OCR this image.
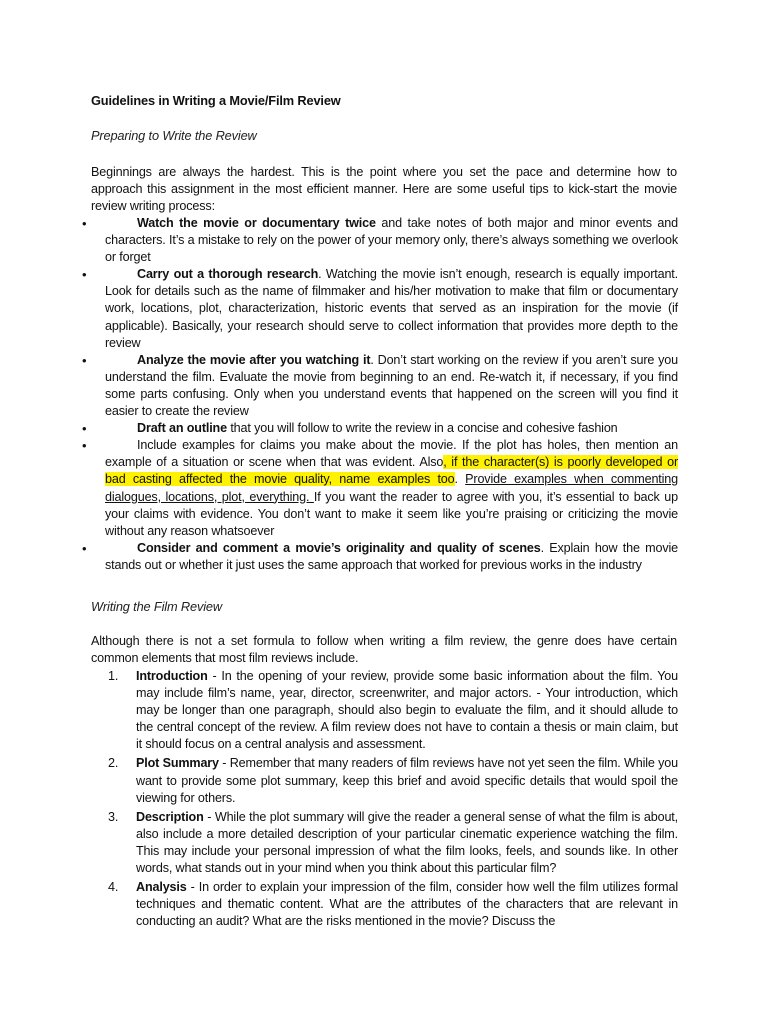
Guidelines in Writing a Movie/Film Review

Preparing to Write the Review

Beginnings are always the hardest. This is the point where you set the pace and determine how to approach this assignment in the most efficient manner. Here are some useful tips to kick-start the movie review writing process:

•	Watch the movie or documentary twice and take notes of both major and minor events and characters. It’s a mistake to rely on the power of your memory only, there’s always something we overlook or forget
•	Carry out a thorough research. Watching the movie isn’t enough, research is equally important. Look for details such as the name of filmmaker and his/her motivation to make that film or documentary work, locations, plot, characterization, historic events that served as an inspiration for the movie (if applicable). Basically, your research should serve to collect information that provides more depth to the review
•	Analyze the movie after you watching it. Don’t start working on the review if you aren’t sure you understand the film. Evaluate the movie from beginning to an end. Re-watch it, if necessary, if you find some parts confusing. Only when you understand events that happened on the screen will you find it easier to create the review
•	Draft an outline that you will follow to write the review in a concise and cohesive fashion
•	Include examples for claims you make about the movie. If the plot has holes, then mention an example of a situation or scene when that was evident. Also, if the character(s) is poorly developed or bad casting affected the movie quality, name examples too. Provide examples when commenting dialogues, locations, plot, everything. If you want the reader to agree with you, it’s essential to back up your claims with evidence. You don’t want to make it seem like you’re praising or criticizing the movie without any reason whatsoever
•	Consider and comment a movie’s originality and quality of scenes. Explain how the movie stands out or whether it just uses the same approach that worked for previous works in the industry

Writing the Film Review

Although there is not a set formula to follow when writing a film review, the genre does have certain common elements that most film reviews include.

1. Introduction - In the opening of your review, provide some basic information about the film. You may include film’s name, year, director, screenwriter, and major actors. - Your introduction, which may be longer than one paragraph, should also begin to evaluate the film, and it should allude to the central concept of the review. A film review does not have to contain a thesis or main claim, but it should focus on a central analysis and assessment.
2. Plot Summary - Remember that many readers of film reviews have not yet seen the film. While you want to provide some plot summary, keep this brief and avoid specific details that would spoil the viewing for others.
3. Description - While the plot summary will give the reader a general sense of what the film is about, also include a more detailed description of your particular cinematic experience watching the film. This may include your personal impression of what the film looks, feels, and sounds like. In other words, what stands out in your mind when you think about this particular film?
4. Analysis - In order to explain your impression of the film, consider how well the film utilizes formal techniques and thematic content. What are the attributes of the characters that are relevant in conducting an audit? What are the risks mentioned in the movie? Discuss the
